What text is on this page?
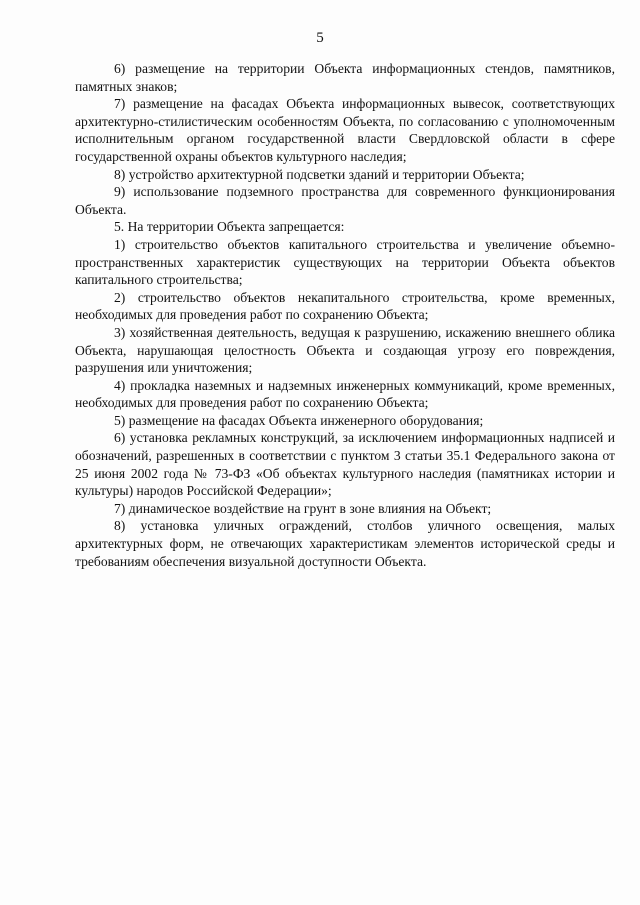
5

6) размещение на территории Объекта информационных стендов, памятников, памятных знаков;

7) размещение на фасадах Объекта информационных вывесок, соответствующих архитектурно-стилистическим особенностям Объекта, по согласованию с уполномоченным исполнительным органом государственной власти Свердловской области в сфере государственной охраны объектов культурного наследия;

8) устройство архитектурной подсветки зданий и территории Объекта;

9) использование подземного пространства для современного функционирования Объекта.

5. На территории Объекта запрещается:

1) строительство объектов капитального строительства и увеличение объемно-пространственных характеристик существующих на территории Объекта объектов капитального строительства;

2) строительство объектов некапитального строительства, кроме временных, необходимых для проведения работ по сохранению Объекта;

3) хозяйственная деятельность, ведущая к разрушению, искажению внешнего облика Объекта, нарушающая целостность Объекта и создающая угрозу его повреждения, разрушения или уничтожения;

4) прокладка наземных и надземных инженерных коммуникаций, кроме временных, необходимых для проведения работ по сохранению Объекта;

5) размещение на фасадах Объекта инженерного оборудования;

6) установка рекламных конструкций, за исключением информационных надписей и обозначений, разрешенных в соответствии с пунктом 3 статьи 35.1 Федерального закона от 25 июня 2002 года № 73-ФЗ «Об объектах культурного наследия (памятниках истории и культуры) народов Российской Федерации»;

7) динамическое воздействие на грунт в зоне влияния на Объект;

8) установка уличных ограждений, столбов уличного освещения, малых архитектурных форм, не отвечающих характеристикам элементов исторической среды и требованиям обеспечения визуальной доступности Объекта.
